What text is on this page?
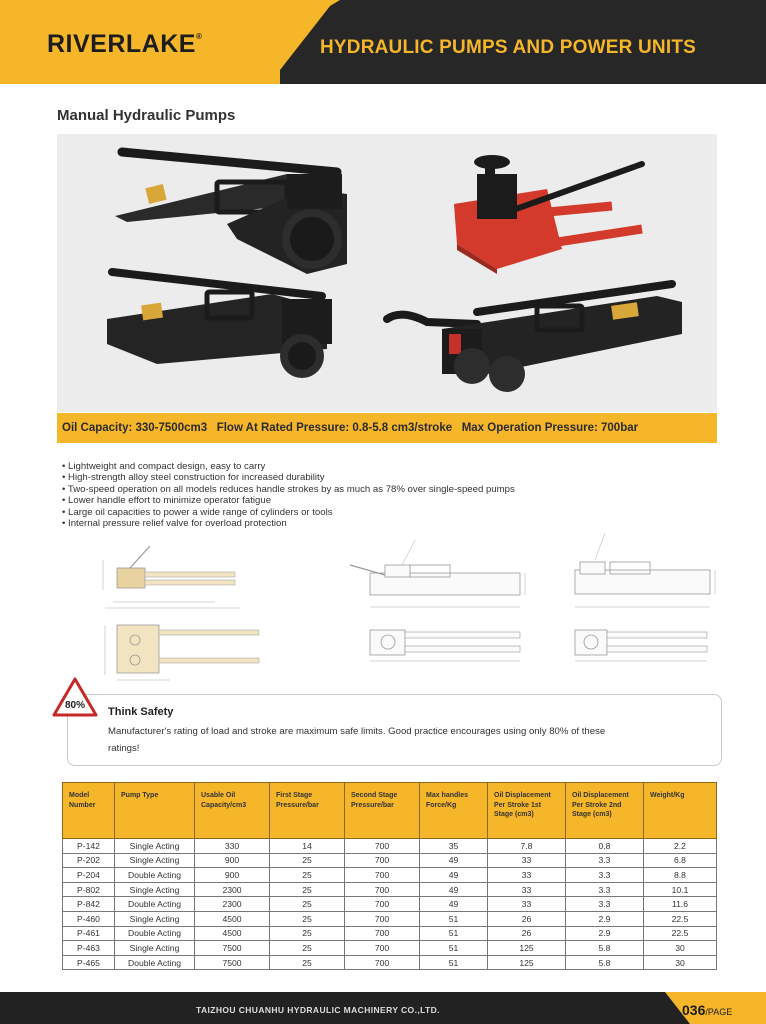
RIVERLAKE®
HYDRAULIC PUMPS AND POWER UNITS
Manual Hydraulic Pumps
Oil Capacity: 330-7500cm3   Flow At Rated Pressure: 0.8-5.8 cm3/stroke   Max Operation Pressure: 700bar
• Lightweight and compact design, easy to carry
• High-strength alloy steel construction for increased durability
• Two-speed operation on all models reduces handle strokes by as much as 78% over single-speed pumps
• Lower handle effort to minimize operator fatigue
• Large oil capacities to power a wide range of cylinders or tools
• Internal pressure relief valve for overload protection
80%
Think Safety
Manufacturer's rating of load and stroke are maximum safe limits. Good practice encourages using only 80% of these ratings!
Model Number	Pump Type	Usable Oil Capacity/cm3	First Stage Pressure/bar	Second Stage Pressure/bar	Max handles Force/Kg	Oil Displacement Per Stroke 1st Stage (cm3)	Oil Displacement Per Stroke 2nd Stage (cm3)	Weight/Kg
P-142	Single Acting	330	14	700	35	7.8	0.8	2.2
P-202	Single Acting	900	25	700	49	33	3.3	6.8
P-204	Double Acting	900	25	700	49	33	3.3	8.8
P-802	Single Acting	2300	25	700	49	33	3.3	10.1
P-842	Double Acting	2300	25	700	49	33	3.3	11.6
P-460	Single Acting	4500	25	700	51	26	2.9	22.5
P-461	Double Acting	4500	25	700	51	26	2.9	22.5
P-463	Single Acting	7500	25	700	51	125	5.8	30
P-465	Double Acting	7500	25	700	51	125	5.8	30
TAIZHOU CHUANHU HYDRAULIC MACHINERY CO.,LTD.	036/PAGE
